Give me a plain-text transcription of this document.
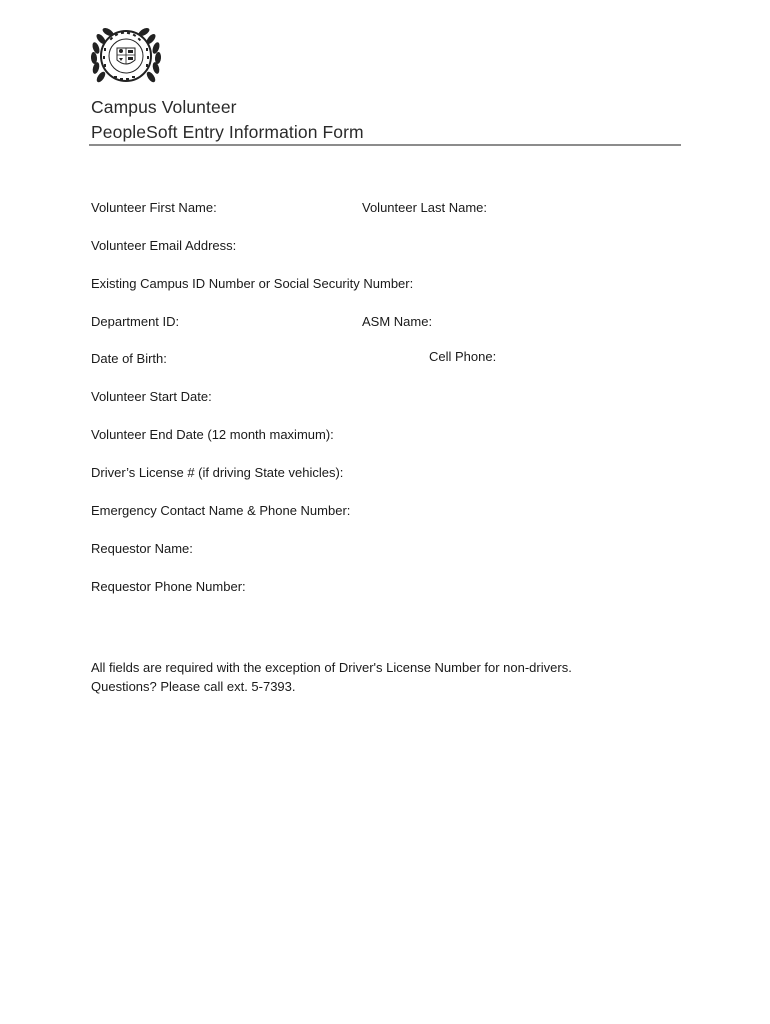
Campus Volunteer
PeopleSoft Entry Information Form
Volunteer First Name:	Volunteer Last Name:
Volunteer Email Address:
Existing Campus ID Number or Social Security Number:
Department ID:	ASM Name:
Date of Birth:	Cell Phone:
Volunteer Start Date:
Volunteer End Date (12 month maximum):
Driver’s License # (if driving State vehicles):
Emergency Contact Name & Phone Number:
Requestor Name:
Requestor Phone Number:
All fields are required with the exception of Driver's License Number for non-drivers. Questions? Please call ext. 5-7393.
